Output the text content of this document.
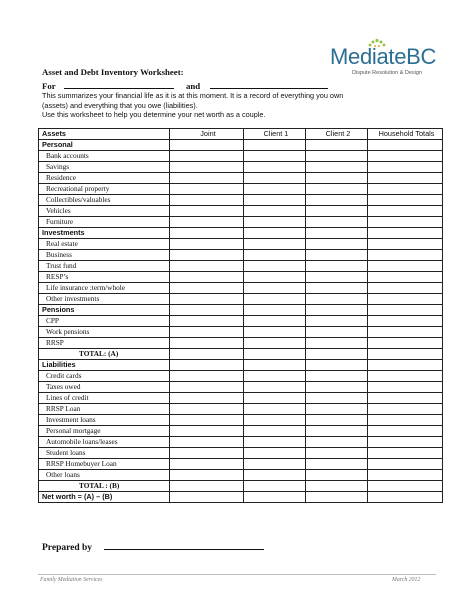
MediateBC
Dispute Resolution & Design
Asset and Debt Inventory Worksheet:
For	and
This summarizes your financial life as it is at this moment. It is a record of everything you own
(assets) and everything that you owe (liabilities).
Use this worksheet to help you determine your net worth as a couple.
Assets	Joint	Client 1	Client 2	Household Totals
Personal				
Bank accounts				
Savings				
Residence				
Recreational property				
Collectibles/valuables				
Vehicles				
Furniture				
Investments				
Real estate				
Business				
Trust fund				
RESP’s				
Life insurance :term/whole				
Other investments				
Pensions				
CPP				
Work pensions				
RRSP				
TOTAL: (A)				
Liabilities				
Credit cards				
Taxes owed				
Lines of credit				
RRSP Loan				
Investment loans				
Personal mortgage				
Automobile loans/leases				
Student loans				
RRSP Homebuyer Loan				
Other loans				
TOTAL : (B)				
Net worth = (A) – (B)				
Prepared by
Family Mediation Services	March 2012
